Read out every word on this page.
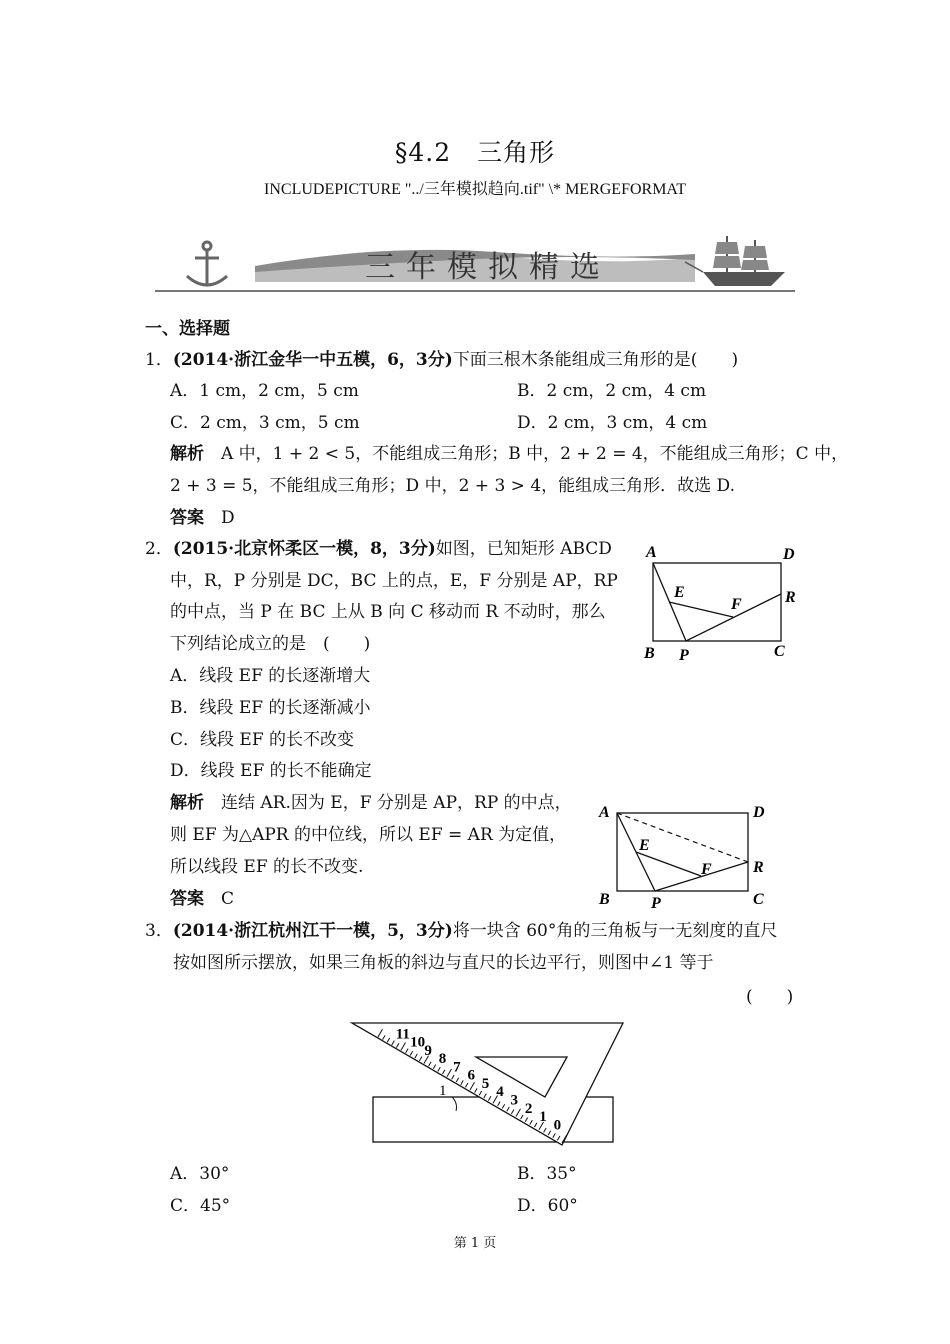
§4.2　三角形
INCLUDEPICTURE "../三年模拟趋向.tif" \* MERGEFORMAT
三年模拟精选
一、选择题
1．(2014·浙江金华一中五模，6，3分)下面三根木条能组成三角形的是(　　)
A．1 cm，2 cm，5 cm	B．2 cm，2 cm，4 cm
C．2 cm，3 cm，5 cm	D．2 cm，3 cm，4 cm
解析　 A 中，1 + 2 < 5，不能组成三角形；B 中，2 + 2 = 4，不能组成三角形；C 中，
2 + 3 = 5，不能组成三角形；D 中，2 + 3 > 4，能组成三角形．故选 D.
答案　 D
2．(2015·北京怀柔区一模，8，3分)如图，已知矩形 ABCD
中，R，P 分别是 DC，BC 上的点，E，F 分别是 AP，RP
的中点，当 P 在 BC 上从 B 向 C 移动而 R 不动时，那么
下列结论成立的是　(　　)
A	D
B P	C
R
E
F
A．线段 EF 的长逐渐增大
B．线段 EF 的长逐渐减小
C．线段 EF 的长不改变
D．线段 EF 的长不能确定
解析　 连结 AR.因为 E，F 分别是 AP，RP 的中点，
则 EF 为△APR 的中位线，所以 EF = AR 为定值，
所以线段 EF 的长不改变.
答案　 C
A	D
B	P	C
R
E
F
3．(2014·浙江杭州江干一模，5，3分)将一块含 60°角的三角板与一无刻度的直尺
按如图所示摆放，如果三角板的斜边与直尺的长边平行，则图中∠1 等于
(　　)
11
10
9
8
7
6
5
4
3
2
1
0
1
A．30°	B．35°
C．45°	D．60°
第 1 页
